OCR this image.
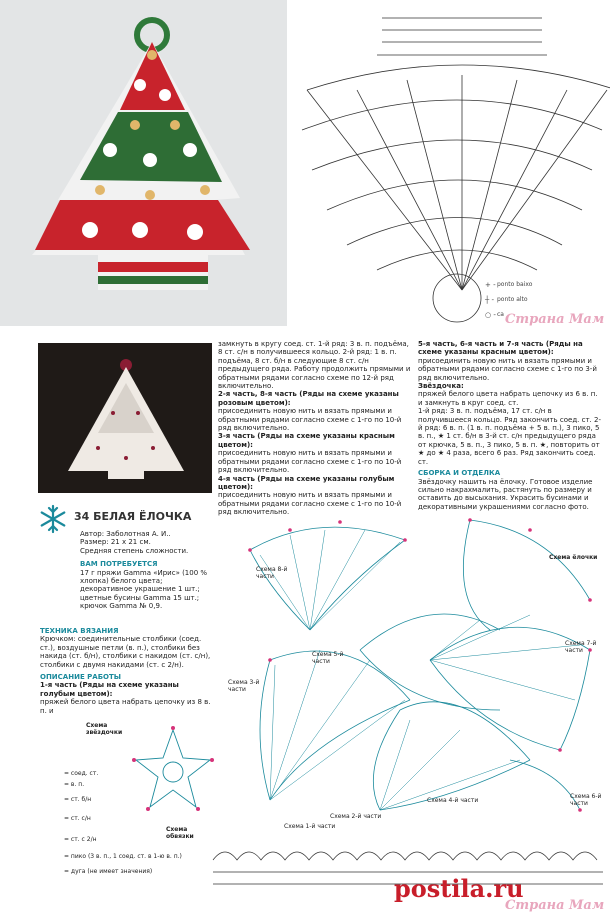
+ -
┼ -
○ -
ponto baixo
ponto alto
ca Страна Мам
замкнуть в кругу соед. ст. 1-й ряд: 3 в. п. подъёма, 8 ст. с/н в получившееся кольцо. 2-й ряд: 1 в. п. подъёма, 8 ст. б/н в следующие 8 ст. с/н предыдущего ряда. Работу продолжить прямыми и обратными рядами согласно схеме по 12-й ряд включительно.
2-я часть, 8-я часть (Ряды на схеме указаны розовым цветом):
присоединить новую нить и вязать прямыми и обратными рядами согласно схеме с 1-го по 10-й ряд включительно.
3-я часть (Ряды на схеме указаны красным цветом):
присоединить новую нить и вязать прямыми и обратными рядами согласно схеме с 1-го по 10-й ряд включительно.
4-я часть (Ряды на схеме указаны голубым цветом):
присоединить новую нить и вязать прямыми и обратными рядами согласно схеме с 1-го по 10-й ряд включительно.
5-я часть, 6-я часть и 7-я часть (Ряды на схеме указаны красным цветом):
присоединить новую нить и вязать прямыми и обратными рядами согласно схеме с 1-го по 3-й ряд включительно.
Звёздочка:
пряжей белого цвета набрать цепочку из 6 в. п. и замкнуть в круг соед. ст.
1-й ряд: 3 в. п. подъёма, 17 ст. с/н в получившееся кольцо. Ряд закончить соед. ст. 2-й ряд: 6 в. п. (1 в. п. подъёма + 5 в. п.), 3 пико, 5 в. п., ★ 1 ст. б/н в 3-й ст. с/н предыдущего ряда от крючка, 5 в. п., 3 пико, 5 в. п. ★, повторить от ★ до ★ 4 раза, всего 6 раз. Ряд закончить соед. ст.
СБОРКА И ОТДЕЛКА
Звёздочку нашить на ёлочку. Готовое изделие сильно накрахмалить, растянуть по размеру и оставить до высыхания. Украсить бусинами и декоративными украшениями согласно фото.
34 БЕЛАЯ ЁЛОЧКА
Автор: Заболотная А. И..
Размер: 21 х 21 см.
Средняя степень сложности.
ВАМ ПОТРЕБУЕТСЯ
17 г пряжи Gamma «Ирис» (100 % хлопка) белого цвета;
декоративное украшение 1 шт.; цветные бусины Gamma 15 шт.;
крючок Gamma № 0,9.
ТЕХНИКА ВЯЗАНИЯ
Крючком: соединительные столбики (соед. ст.), воздушные петли (в. п.), столбики без накида (ст. б/н), столбики с накидом (ст. с/н), столбики с двумя накидами (ст. с 2/н).
ОПИСАНИЕ РАБОТЫ
1-я часть (Ряды на схеме указаны голубым цветом):
пряжей белого цвета набрать цепочку из 8 в. п. и
Схема звёздочки
Схема обвязки
= соед. ст.
= в. п.
= ст. б/н
= ст. с/н
= ст. с 2/н
= пико (3 в. п., 1 соед. ст. в 1-ю в. п.)
= дуга (не имеет значения)
Схема ёлочки
Схема 8-й части
Схема 5-й части
Схема 3-й части
Схема 7-й части
Схема 2-й части
Схема 4-й части
Схема 6-й части
Схема 1-й части
postila.ru
Страна Мам
